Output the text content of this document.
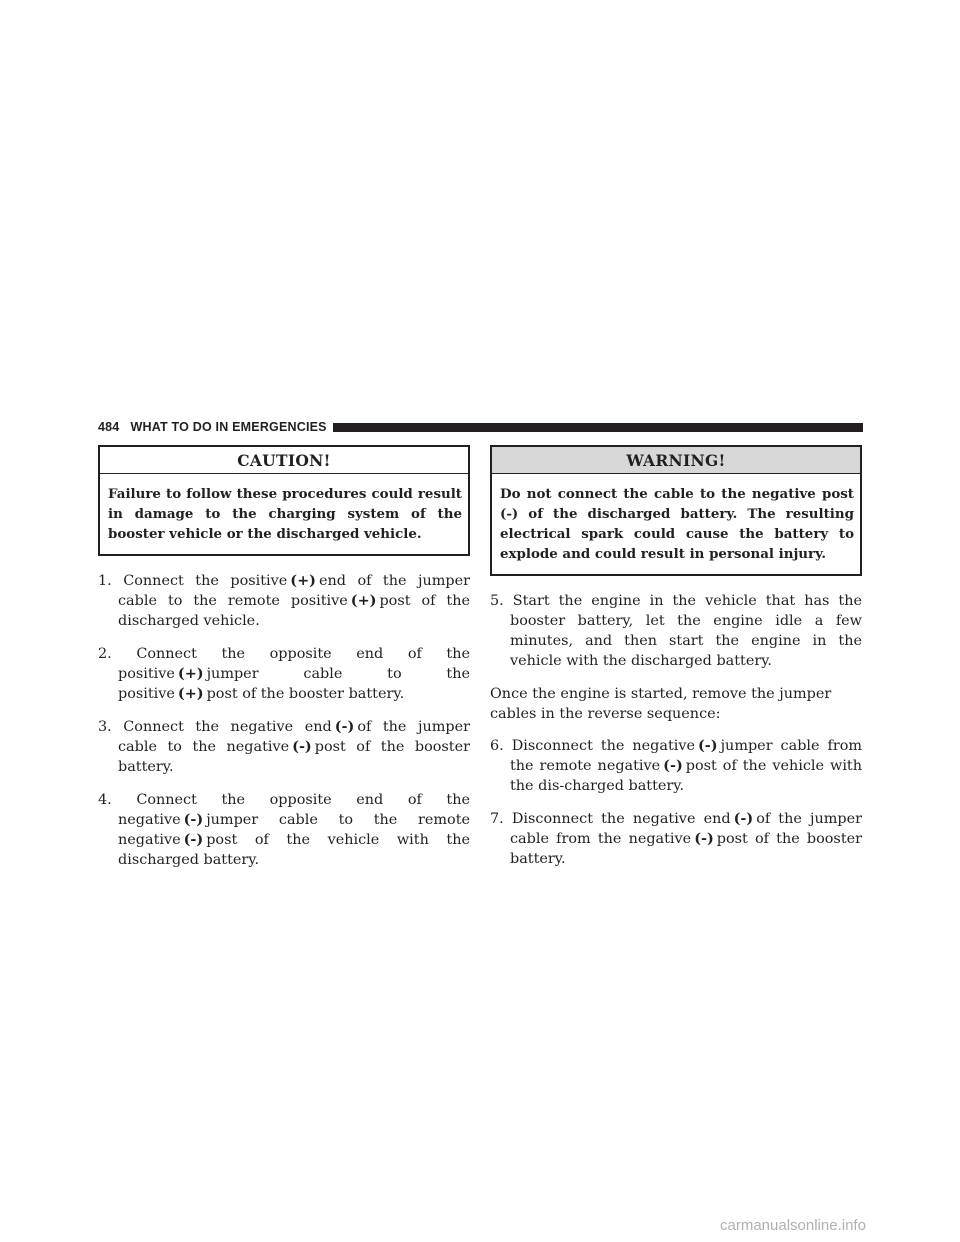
484 WHAT TO DO IN EMERGENCIES
CAUTION!
Failure to follow these procedures could result in damage to the charging system of the booster vehicle or the discharged vehicle.

1. Connect the positive (+) end of the jumper cable to the remote positive (+) post of the discharged vehicle.

2. Connect the opposite end of the positive (+) jumper cable to the positive (+) post of the booster battery.

3. Connect the negative end (-) of the jumper cable to the negative (-) post of the booster battery.

4. Connect the opposite end of the negative (-) jumper cable to the remote negative (-) post of the vehicle with the discharged battery.

WARNING!
Do not connect the cable to the negative post (-) of the discharged battery. The resulting electrical spark could cause the battery to explode and could result in personal injury.

5. Start the engine in the vehicle that has the booster battery, let the engine idle a few minutes, and then start the engine in the vehicle with the discharged battery.

Once the engine is started, remove the jumper cables in the reverse sequence:

6. Disconnect the negative (-) jumper cable from the remote negative (-) post of the vehicle with the dis-charged battery.

7. Disconnect the negative end (-) of the jumper cable from the negative (-) post of the booster battery.

carmanualsonline.info
